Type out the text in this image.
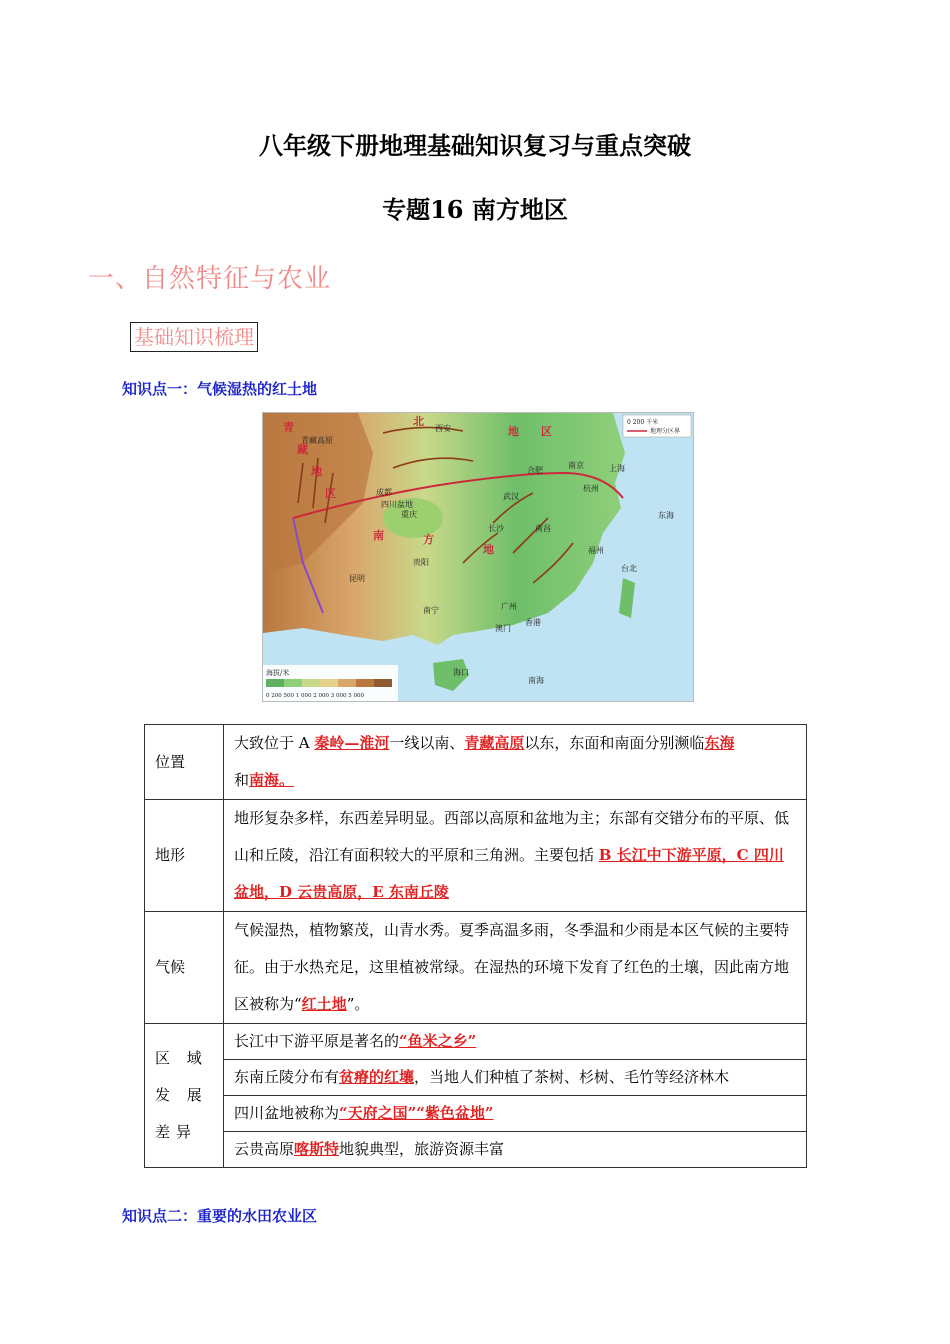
八年级下册地理基础知识复习与重点突破
专题16 南方地区
一、自然特征与农业
基础知识梳理
知识点一：气候湿热的红土地
北
地 区
青
藏
地
区
南	方
地
西安
合肥
南京	上海
杭州
武汉
成都
重庆
长沙	南昌
福州
贵阳
昆明
台北
广州
南宁
香港
澳门
海口
青藏高原
四川盆地
东海
南海
0 200 千米
地理分区界
海拔/米
0 200 500 1 000 2 000 3 000 5 000
位置	大致位于 A 秦岭—淮河一线以南、青藏高原以东，东面和南面分别濒临东海
和南海。
地形	地形复杂多样，东西差异明显。西部以高原和盆地为主；东部有交错分布的平原、低山和丘陵，沿江有面积较大的平原和三角洲。主要包括 B 长江中下游平原，C 四川盆地，D 云贵高原，E 东南丘陵
气候	气候湿热，植物繁茂，山青水秀。夏季高温多雨，冬季温和少雨是本区气候的主要特征。由于水热充足，这里植被常绿。在湿热的环境下发育了红色的土壤，因此南方地区被称为“红土地”。
区 域 发 展差异	长江中下游平原是著名的“鱼米之乡”
	东南丘陵分布有贫瘠的红壤，当地人们种植了茶树、杉树、毛竹等经济林木
	四川盆地被称为“天府之国”“紫色盆地”
	云贵高原喀斯特地貌典型，旅游资源丰富
知识点二：重要的水田农业区
